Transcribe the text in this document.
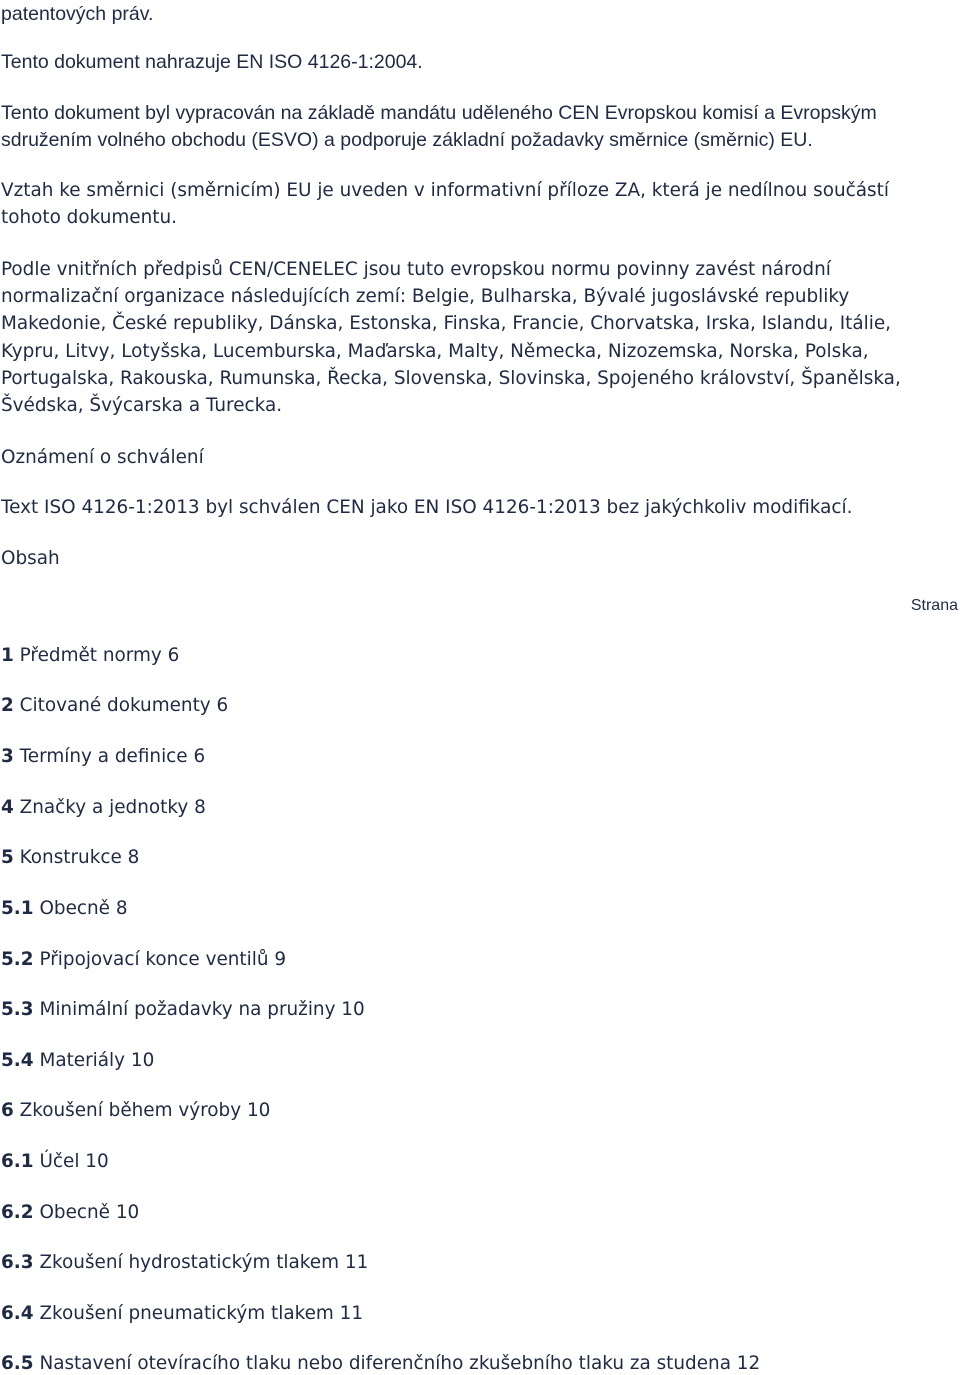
patentových práv.
Tento dokument nahrazuje EN ISO 4126-1:2004.
Tento dokument byl vypracován na základě mandátu uděleného CEN Evropskou komisí a Evropským
sdružením volného obchodu (ESVO) a podporuje základní požadavky směrnice (směrnic) EU.
Vztah ke směrnici (směrnicím) EU je uveden v informativní příloze ZA, která je nedílnou součástí
tohoto dokumentu.
Podle vnitřních předpisů CEN/CENELEC jsou tuto evropskou normu povinny zavést národní
normalizační organizace následujících zemí: Belgie, Bulharska, Bývalé jugoslávské republiky
Makedonie, České republiky, Dánska, Estonska, Finska, Francie, Chorvatska, Irska, Islandu, Itálie,
Kypru, Litvy, Lotyšska, Lucemburska, Maďarska, Malty, Německa, Nizozemska, Norska, Polska,
Portugalska, Rakouska, Rumunska, Řecka, Slovenska, Slovinska, Spojeného království, Španělska,
Švédska, Švýcarska a Turecka.
Oznámení o schválení
Text ISO 4126-1:2013 byl schválen CEN jako EN ISO 4126-1:2013 bez jakýchkoliv modifikací.
Obsah
Strana
1 Předmět normy 6
2 Citované dokumenty 6
3 Termíny a definice 6
4 Značky a jednotky 8
5 Konstrukce 8
5.1 Obecně 8
5.2 Připojovací konce ventilů 9
5.3 Minimální požadavky na pružiny 10
5.4 Materiály 10
6 Zkoušení během výroby 10
6.1 Účel 10
6.2 Obecně 10
6.3 Zkoušení hydrostatickým tlakem 11
6.4 Zkoušení pneumatickým tlakem 11
6.5 Nastavení otevíracího tlaku nebo diferenčního zkušebního tlaku za studena 12
